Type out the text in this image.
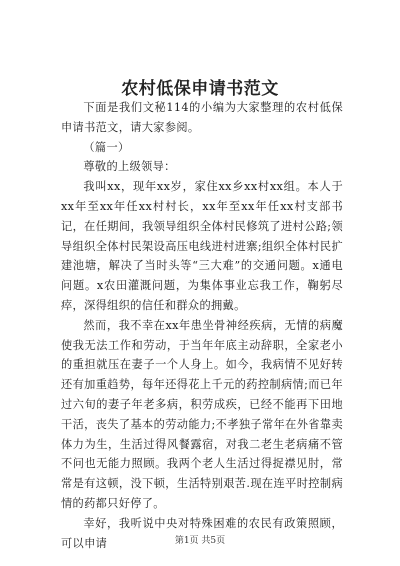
农村低保申请书范文

下面是我们文秘114的小编为大家整理的农村低保申请书范文，请大家参阅。

（篇一）

尊敬的上级领导：

我叫xx，现年xx岁，家住xx乡xx村xx组。本人于xx年至xx年任xx村村长，xx年至xx年任xx村支部书记，在任期间，我领导组织全体村民修筑了进村公路;领导组织全体村民架设高压电线进村进寨;组织全体村民扩建池塘，解决了当时头等“三大难”的交通问题。x通电问题。x农田灌溉问题，为集体事业忘我工作，鞠躬尽瘁，深得组织的信任和群众的拥戴。

然而，我不幸在xx年患坐骨神经疾病，无情的病魔使我无法工作和劳动，于当年年底主动辞职，全家老小的重担就压在妻子一个人身上。如今，我病情不见好转还有加重趋势，每年还得花上千元的药控制病情;而已年过六旬的妻子年老多病，积劳成疾，已经不能再下田地干活，丧失了基本的劳动能力;不孝独子常年在外省靠卖体力为生，生活过得风餐露宿，对我二老生老病痛不管不问也无能力照顾。我两个老人生活过得捉襟见肘，常常是有这顿，没下顿，生活特别艰苦.现在连平时控制病情的药都只好停了。

幸好，我听说中央对特殊困难的农民有政策照顾，可以申请	第1页 共5页
